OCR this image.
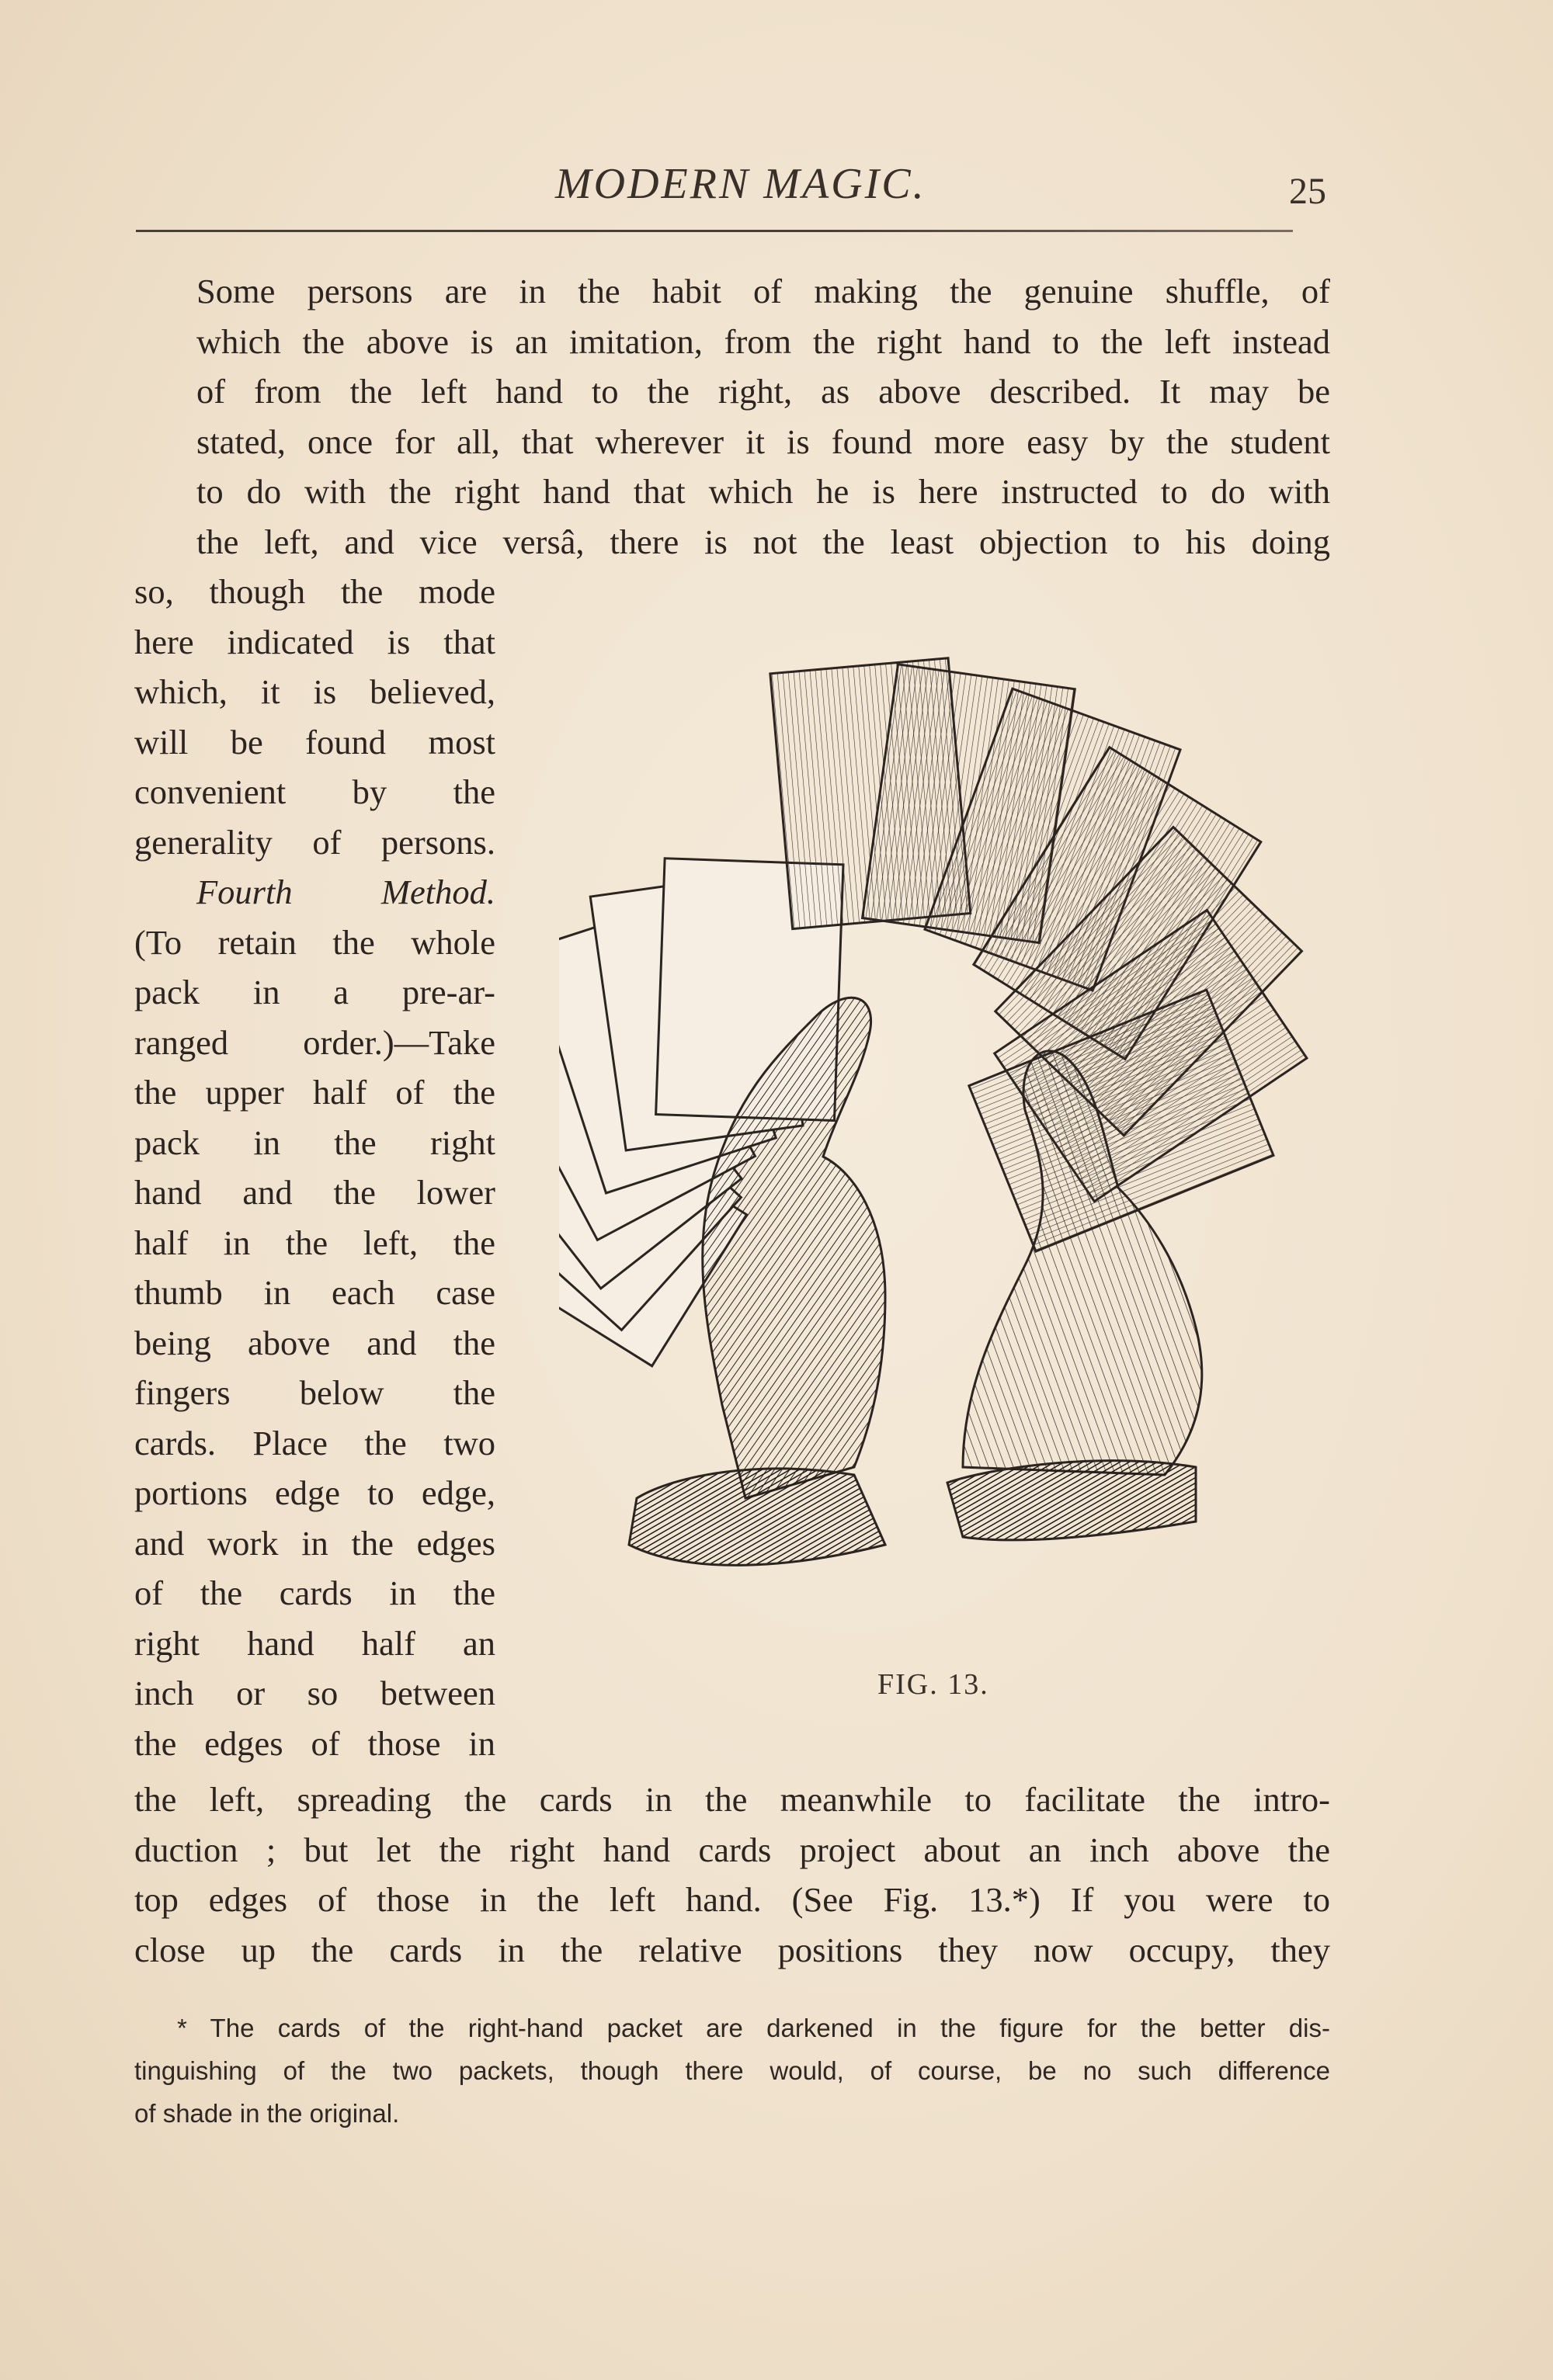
MODERN MAGIC.	25
Some persons are in the habit of making the genuine shuffle, of
which the above is an imitation, from the right hand to the left instead
of from the left hand to the right, as above described. It may be
stated, once for all, that wherever it is found more easy by the student
to do with the right hand that which he is here instructed to do with
the left, and vice versâ, there is not the least objection to his doing
so, though the mode
here indicated is that
which, it is believed,
will be found most
convenient by the
generality of persons.
Fourth Method.
(To retain the whole
pack in a pre-ar-
ranged order.)—Take
the upper half of the
pack in the right
hand and the lower
half in the left, the
thumb in each case
being above and the
fingers below the
cards. Place the two
portions edge to edge,
and work in the edges
of the cards in the
right hand half an
inch or so between
the edges of those in
FIG. 13.
the left, spreading the cards in the meanwhile to facilitate the intro-
duction ; but let the right hand cards project about an inch above the
top edges of those in the left hand. (See Fig. 13.*) If you were to
close up the cards in the relative positions they now occupy, they
* The cards of the right-hand packet are darkened in the figure for the better dis-
tinguishing of the two packets, though there would, of course, be no such difference
of shade in the original.
